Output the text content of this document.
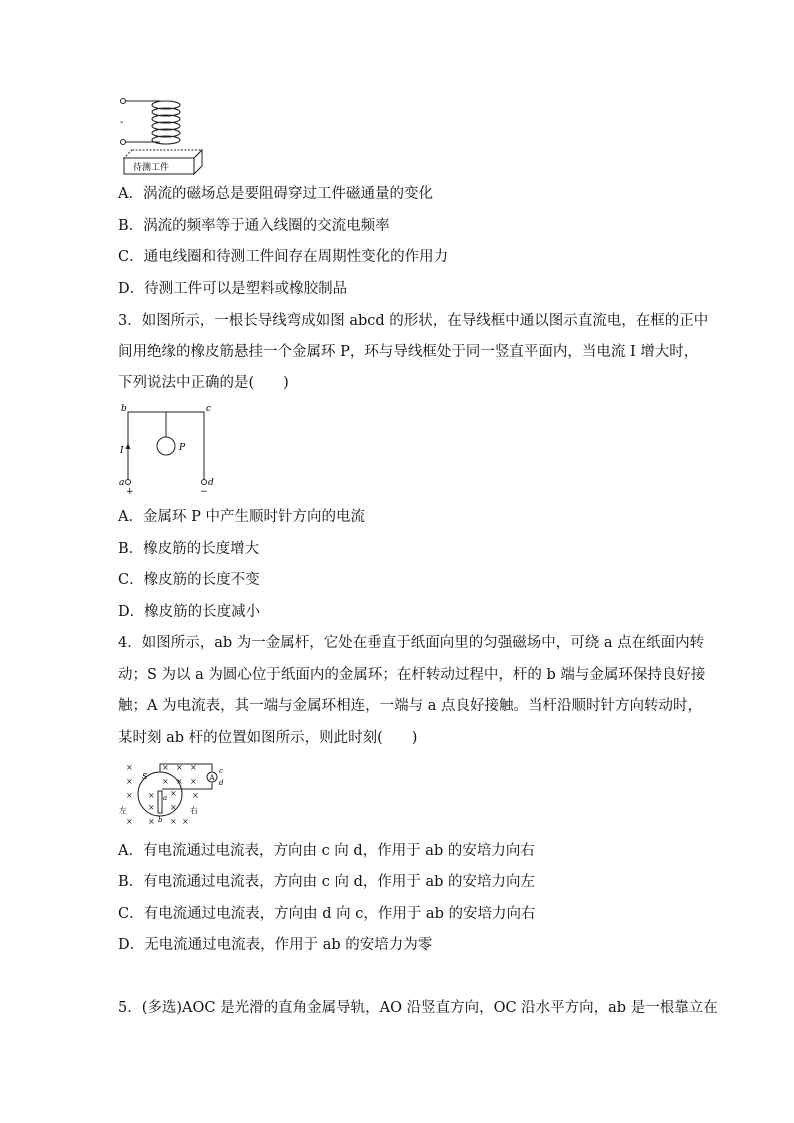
-
待测工件
A．涡流的磁场总是要阻碍穿过工件磁通量的变化
B．涡流的频率等于通入线圈的交流电频率
C．通电线圈和待测工件间存在周期性变化的作用力
D．待测工件可以是塑料或橡胶制品
3．如图所示，一根长导线弯成如图 abcd 的形状，在导线框中通以图示直流电，在框的正中
间用绝缘的橡皮筋悬挂一个金属环 P，环与导线框处于同一竖直平面内，当电流 I 增大时，
下列说法中正确的是(　　)
b	c
I	P
a	d
+	−
A．金属环 P 中产生顺时针方向的电流
B．橡皮筋的长度增大
C．橡皮筋的长度不变
D．橡皮筋的长度减小
4．如图所示，ab 为一金属杆，它处在垂直于纸面向里的匀强磁场中，可绕 a 点在纸面内转
动；S 为以 a 为圆心位于纸面内的金属环；在杆转动过程中，杆的 b 端与金属环保持良好接
触；A 为电流表，其一端与金属环相连，一端与 a 点良好接触。当杆沿顺时针方向转动时，
某时刻 ab 杆的位置如图所示，则此时刻(　　)
×	× × ×
×	× × ×
× × × ×
× ×
× × × ×
A
S
c
d
a
b
左	右
A．有电流通过电流表，方向由 c 向 d，作用于 ab 的安培力向右
B．有电流通过电流表，方向由 c 向 d，作用于 ab 的安培力向左
C．有电流通过电流表，方向由 d 向 c，作用于 ab 的安培力向右
D．无电流通过电流表，作用于 ab 的安培力为零
5．(多选)AOC 是光滑的直角金属导轨，AO 沿竖直方向，OC 沿水平方向，ab 是一根靠立在
